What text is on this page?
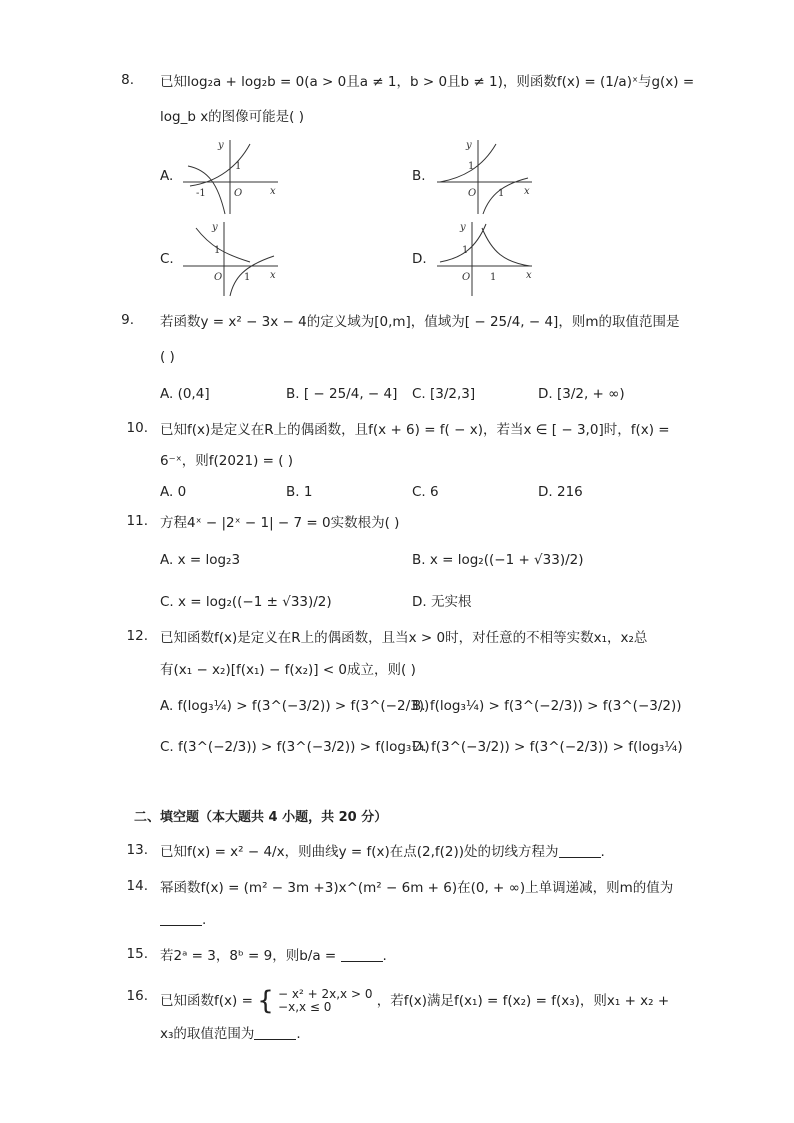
8. 已知log₂a + log₂b = 0(a > 0且a ≠ 1，b > 0且b ≠ 1)，则函数f(x) = (1/a)ˣ与g(x) =
log_b x的图像可能是( )
A.
y
1
-1	O	x
B.
y
1
O 1 x
C.
y
1
O 1 x
D.
y
1
O 1	x
9. 若函数y = x² − 3x − 4的定义域为[0,m]，值域为[ − 25/4, − 4]，则m的取值范围是
( )
A. (0,4]	B. [ − 25/4, − 4] C. [3/2,3]	D. [3/2, + ∞)
10. 已知f(x)是定义在R上的偶函数，且f(x + 6) = f( − x)，若当x ∈ [ − 3,0]时，f(x) =
6⁻ˣ，则f(2021) = ( )
A. 0	B. 1	C. 6	D. 216
11. 方程4ˣ − |2ˣ − 1| − 7 = 0实数根为( )
A. x = log₂3	B. x = log₂((−1 + √33)/2)
C. x = log₂((−1 ± √33)/2)	D. 无实根
12. 已知函数f(x)是定义在R上的偶函数，且当x > 0时，对任意的不相等实数x₁，x₂总
有(x₁ − x₂)[f(x₁) − f(x₂)] < 0成立，则( )
A. f(log₃¼) > f(3^(−3/2)) > f(3^(−2/3))
B. f(log₃¼) > f(3^(−2/3)) > f(3^(−3/2))
C. f(3^(−2/3)) > f(3^(−3/2)) > f(log₃¼)
D. f(3^(−3/2)) > f(3^(−2/3)) > f(log₃¼)
二、填空题（本大题共 4 小题，共 20 分）
13. 已知f(x) = x² − 4/x，则曲线y = f(x)在点(2,f(2))处的切线方程为	.
14. 幂函数f(x) = (m² − 3m +3)x^(m² − 6m + 6)在(0, + ∞)上单调递减，则m的值为
.
15. 若2ᵃ = 3，8ᵇ = 9，则b/a =	.
16. 已知函数f(x) = { − x² + 2x,x > 0
−x,x ≤ 0	，若f(x)满足f(x₁) = f(x₂) = f(x₃)，则x₁ + x₂ +
x₃的取值范围为	.
